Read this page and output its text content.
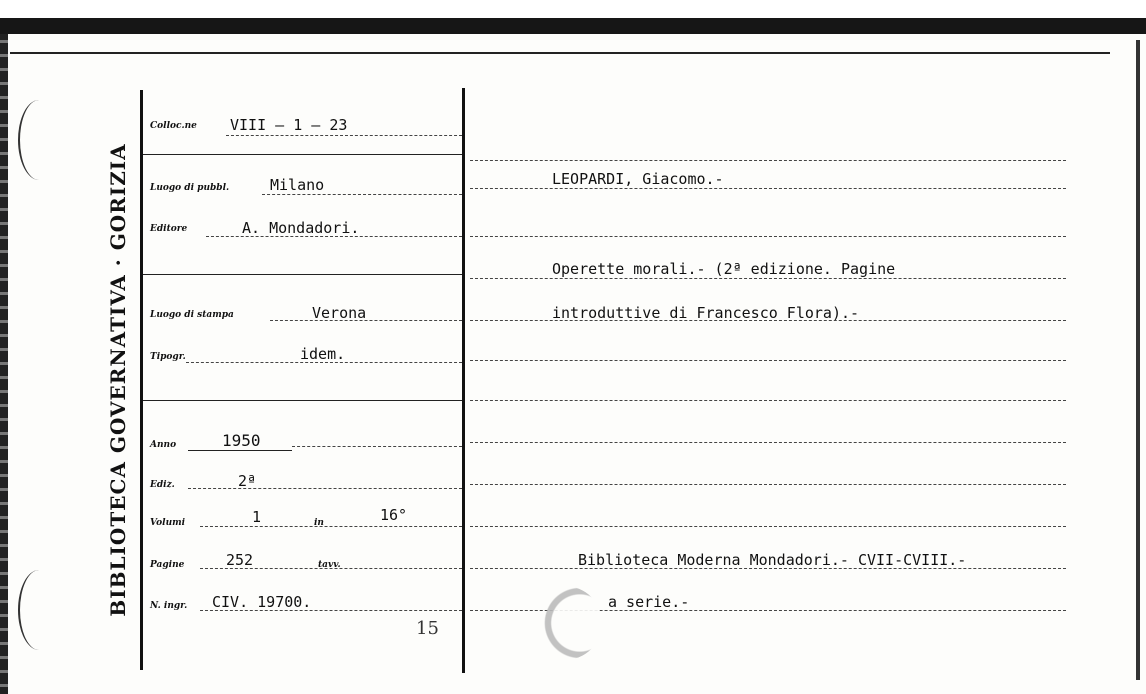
BIBLIOTECA GOVERNATIVA · GORIZIA
Colloc.ne VIII — 1 — 23
Luogo di pubbl.	Milano
Editore	A. Mondadori.
Luogo di stampa	Verona
Tipogr.	idem.
Anno	1950
Ediz.	2ª
Volumi	1	in	16°
Pagine	252	tavv.
N. ingr. CIV. 19700.
15
LEOPARDI, Giacomo.-
Operette morali.- (2ª edizione. Pagine
introduttive di Francesco Flora).-
Biblioteca Moderna Mondadori.- CVII-CVIII.-
a serie.-
